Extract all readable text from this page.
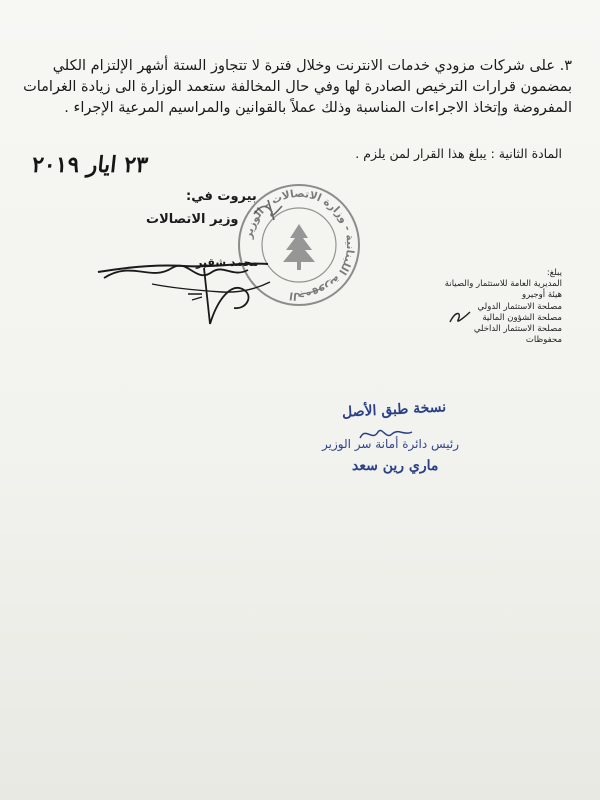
٣. على شركات مزودي خدمات الانترنت وخلال فترة لا تتجاوز الستة أشهر الإلتزام الكلي
بمضمون قرارات الترخيص الصادرة لها وفي حال المخالفة ستعمد الوزارة الى زيادة الغرامات
المفروضة وإتخاذ الاجراءات المناسبة وذلك عملاً بالقوانين والمراسيم المرعية الإجراء .

المادة الثانية : يبلغ هذا القرار لمن يلزم .
٢٣ ايار ٢٠١٩
بيروت في:
وزير الاتصالات
محمد شقير
الجمهورية اللبنانية - وزارة الاتصالات - الوزير
يبلغ:
المديرية العامة للاستثمار والصيانة
هيئة أوجيرو
مصلحة الاستثمار الدولي
مصلحة الشؤون المالية
مصلحة الاستثمار الداخلي
محفوظات
نسخة طبق الأصل
رئيس دائرة أمانة سر الوزير
ماري رين سعد
